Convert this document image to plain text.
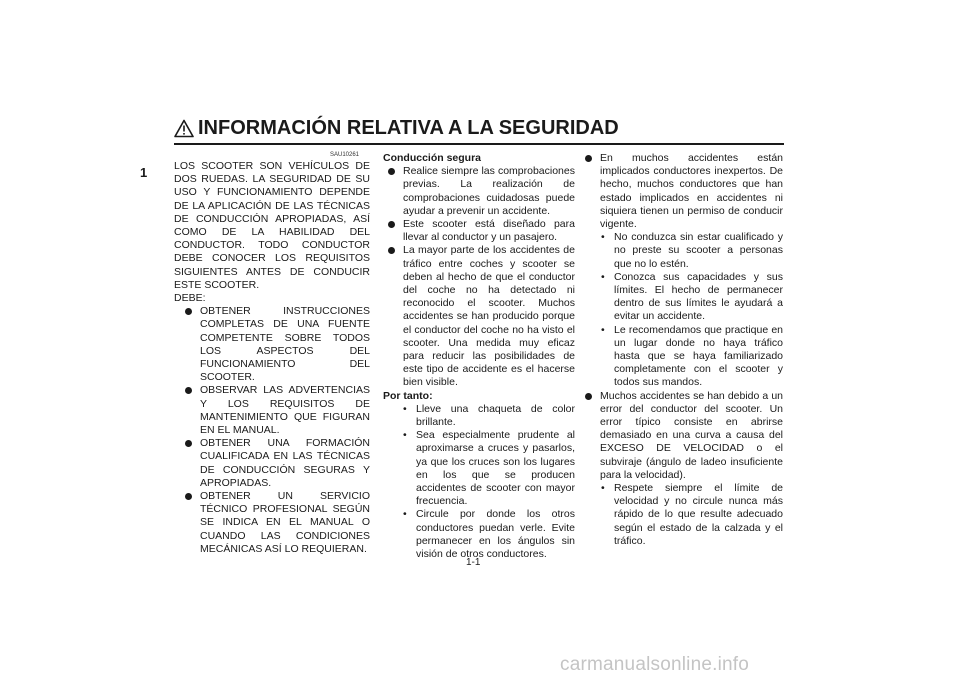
INFORMACIÓN RELATIVA A LA SEGURIDAD
1
SAU10261

LOS SCOOTER SON VEHÍCULOS DE DOS RUEDAS. LA SEGURIDAD DE SU USO Y FUNCIONAMIENTO DEPENDE DE LA APLICACIÓN DE LAS TÉCNICAS DE CONDUCCIÓN APROPIADAS, ASÍ COMO DE LA HABILIDAD DEL CONDUCTOR. TODO CONDUCTOR DEBE CONOCER LOS REQUISITOS SIGUIENTES ANTES DE CONDUCIR ESTE SCOOTER.

DEBE:

OBTENER INSTRUCCIONES COMPLETAS DE UNA FUENTE COMPETENTE SOBRE TODOS LOS ASPECTOS DEL FUNCIONAMIENTO DEL SCOOTER.

OBSERVAR LAS ADVERTENCIAS Y LOS REQUISITOS DE MANTENIMIENTO QUE FIGURAN EN EL MANUAL.

OBTENER UNA FORMACIÓN CUALIFICADA EN LAS TÉCNICAS DE CONDUCCIÓN SEGURAS Y APROPIADAS.

OBTENER UN SERVICIO TÉCNICO PROFESIONAL SEGÚN SE INDICA EN EL MANUAL O CUANDO LAS CONDICIONES MECÁNICAS ASÍ LO REQUIERAN.

Conducción segura

Realice siempre las comprobaciones previas. La realización de comprobaciones cuidadosas puede ayudar a prevenir un accidente.

Este scooter está diseñado para llevar al conductor y un pasajero.

La mayor parte de los accidentes de tráfico entre coches y scooter se deben al hecho de que el conductor del coche no ha detectado ni reconocido el scooter. Muchos accidentes se han producido porque el conductor del coche no ha visto el scooter. Una medida muy eficaz para reducir las posibilidades de este tipo de accidente es el hacerse bien visible.

Por tanto:

• Lleve una chaqueta de color brillante.

• Sea especialmente prudente al aproximarse a cruces y pasarlos, ya que los cruces son los lugares en los que se producen accidentes de scooter con mayor frecuencia.

• Circule por donde los otros conductores puedan verle. Evite permanecer en los ángulos sin visión de otros conductores.

En muchos accidentes están implicados conductores inexpertos. De hecho, muchos conductores que han estado implicados en accidentes ni siquiera tienen un permiso de conducir vigente.

• No conduzca sin estar cualificado y no preste su scooter a personas que no lo estén.

• Conozca sus capacidades y sus límites. El hecho de permanecer dentro de sus límites le ayudará a evitar un accidente.

• Le recomendamos que practique en un lugar donde no haya tráfico hasta que se haya familiarizado completamente con el scooter y todos sus mandos.

Muchos accidentes se han debido a un error del conductor del scooter. Un error típico consiste en abrirse demasiado en una curva a causa del EXCESO DE VELOCIDAD o el subviraje (ángulo de ladeo insuficiente para la velocidad).

• Respete siempre el límite de velocidad y no circule nunca más rápido de lo que resulte adecuado según el estado de la calzada y el tráfico.

1-1
carmanualsonline.info
